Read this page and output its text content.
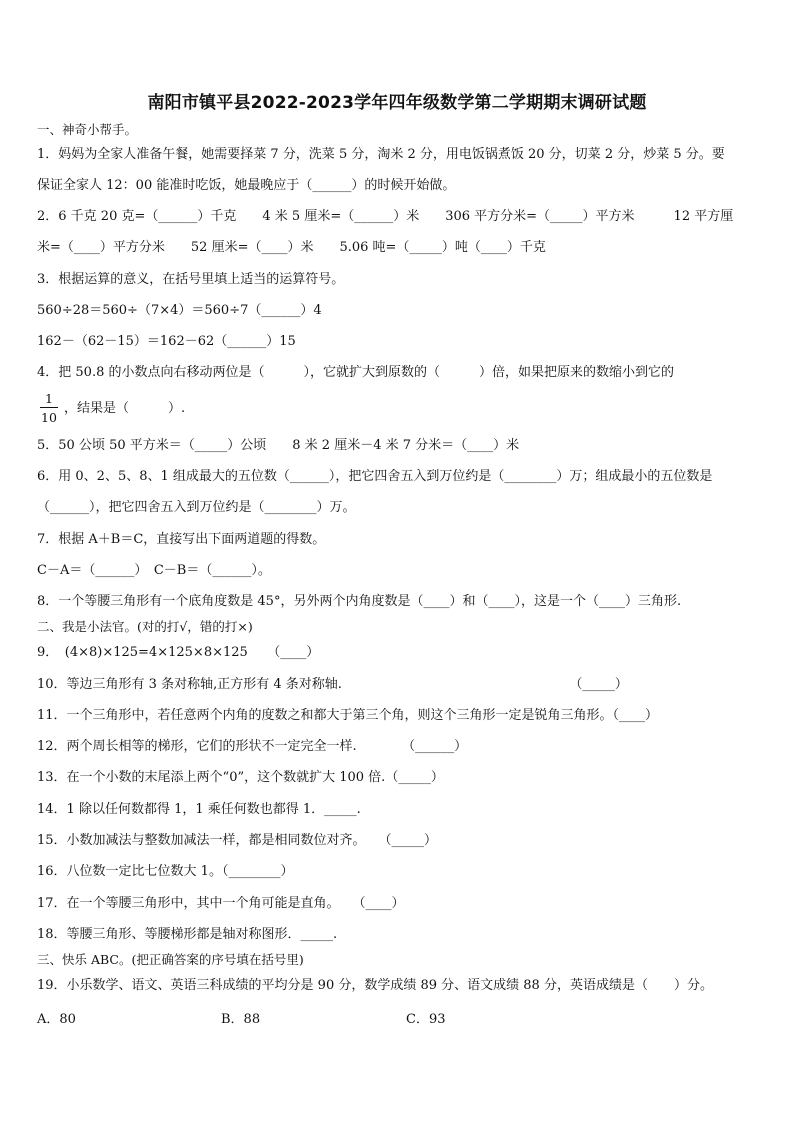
南阳市镇平县2022-2023学年四年级数学第二学期期末调研试题
一、神奇小帮手。
1．妈妈为全家人准备午餐，她需要择菜 7 分，洗菜 5 分，淘米 2 分，用电饭锅煮饭 20 分，切菜 2 分，炒菜 5 分。要
保证全家人 12：00 能准时吃饭，她最晚应于（______）的时候开始做。
2．6 千克 20 克=（______）千克　　4 米 5 厘米=（______）米　　306 平方分米=（_____）平方米　　　12 平方厘
米=（____）平方分米　　52 厘米=（____）米　　5.06 吨=（_____）吨（____）千克
3．根据运算的意义，在括号里填上适当的运算符号。
560÷28＝560÷（7×4）＝560÷7（______）4
162－（62－15）＝162－62（______）15
4．把 50.8 的小数点向右移动两位是（　　　），它就扩大到原数的（　　　）倍，如果把原来的数缩小到它的
$\frac{1}{10}$ ，结果是（　　　）.
5．50 公顷 50 平方米＝（_____）公顷　　8 米 2 厘米－4 米 7 分米＝（____）米
6．用 0、2、5、8、1 组成最大的五位数（______），把它四舍五入到万位约是（________）万；组成最小的五位数是
（______），把它四舍五入到万位约是（________）万。
7．根据 A＋B＝C，直接写出下面两道题的得数。
C－A＝（______）　C－B＝（______）。
8．一个等腰三角形有一个底角度数是 45°，另外两个内角度数是（____）和（____），这是一个（____）三角形.
二、我是小法官。(对的打√，错的打×)
9．　(4×8)×125=4×125×8×125　　（____）
10．等边三角形有 3 条对称轴,正方形有 4 条对称轴.　　　　　　　　　　　　　　　　　　（_____）
11．一个三角形中，若任意两个内角的度数之和都大于第三个角，则这个三角形一定是锐角三角形。（____）
12．两个周长相等的梯形，它们的形状不一定完全一样.　　　　（______）
13．在一个小数的末尾添上两个“0”，这个数就扩大 100 倍.（_____）
14．1 除以任何数都得 1，1 乘任何数也都得 1．_____.
15．小数加减法与整数加减法一样，都是相同数位对齐。　　（_____）
16．八位数一定比七位数大 1。（________）
17．在一个等腰三角形中，其中一个角可能是直角。　　（____）
18．等腰三角形、等腰梯形都是轴对称图形．_____.
三、快乐 ABC。(把正确答案的序号填在括号里)
19．小乐数学、语文、英语三科成绩的平均分是 90 分，数学成绩 89 分、语文成绩 88 分，英语成绩是（　　）分。
A．80	B．88	C．93
